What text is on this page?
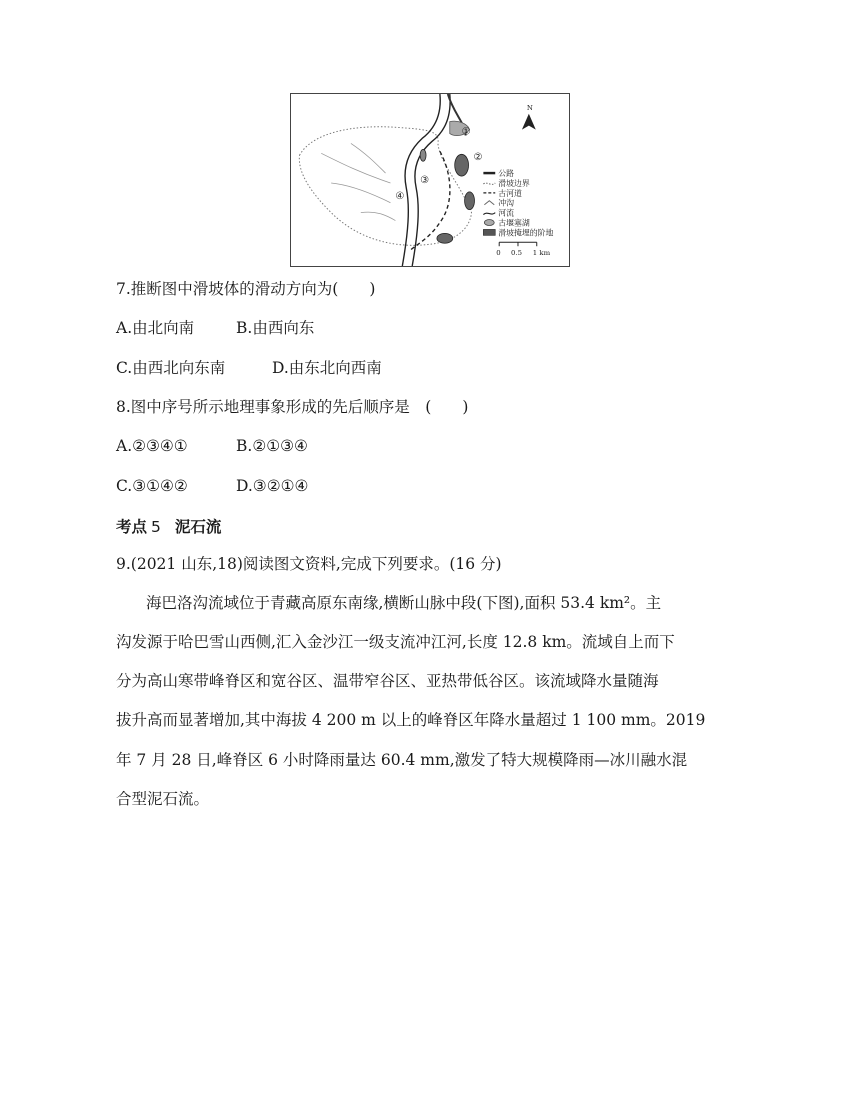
①
②
③
④
N
公路
滑坡边界
古河道
冲沟
河流
古堰塞湖
滑坡掩埋的阶地
0 0.5 1 km
7.推断图中滑坡体的滑动方向为(　　)
A.由北向南	B.由西向东
C.由西北向东南	D.由东北向西南
8.图中序号所示地理事象形成的先后顺序是　(　　)
A.②③④①	B.②①③④
C.③①④②	D.③②①④
考点 5 泥石流
9.(2021 山东,18)阅读图文资料,完成下列要求。(16 分)
海巴洛沟流域位于青藏高原东南缘,横断山脉中段(下图),面积 53.4 km²。主
沟发源于哈巴雪山西侧,汇入金沙江一级支流冲江河,长度 12.8 km。流域自上而下
分为高山寒带峰脊区和宽谷区、温带窄谷区、亚热带低谷区。该流域降水量随海
拔升高而显著增加,其中海拔 4 200 m 以上的峰脊区年降水量超过 1 100 mm。2019
年 7 月 28 日,峰脊区 6 小时降雨量达 60.4 mm,激发了特大规模降雨—冰川融水混
合型泥石流。
